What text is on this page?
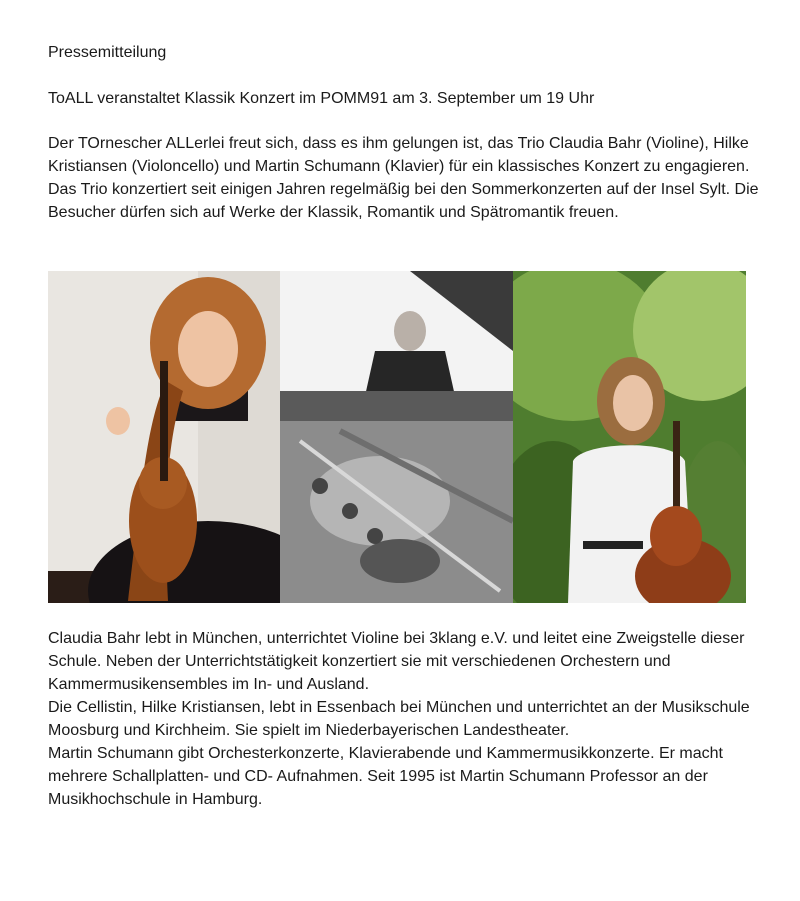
Pressemitteilung

ToALL veranstaltet Klassik Konzert im POMM91 am 3. September um 19 Uhr

Der TOrnescher ALLerlei freut sich, dass es ihm gelungen ist, das Trio Claudia Bahr (Violine), Hilke Kristiansen (Violoncello) und Martin Schumann (Klavier) für ein klassisches Konzert zu engagieren. Das Trio konzertiert seit einigen Jahren regelmäßig bei den Sommerkonzerten auf der Insel Sylt. Die Besucher dürfen sich auf Werke der Klassik, Romantik und Spätromantik freuen.

Claudia Bahr lebt in München, unterrichtet Violine bei 3klang e.V. und leitet eine Zweigstelle dieser Schule. Neben der Unterrichtstätigkeit konzertiert sie mit verschiedenen Orchestern und Kammermusikensembles im In- und Ausland.
Die Cellistin, Hilke Kristiansen, lebt in Essenbach bei München und unterrichtet an der Musikschule Moosburg und Kirchheim. Sie spielt im Niederbayerischen Landestheater.
Martin Schumann gibt Orchesterkonzerte, Klavierabende und Kammermusikkonzerte. Er macht mehrere Schallplatten- und CD- Aufnahmen. Seit 1995 ist Martin Schumann Professor an der Musikhochschule in Hamburg.
